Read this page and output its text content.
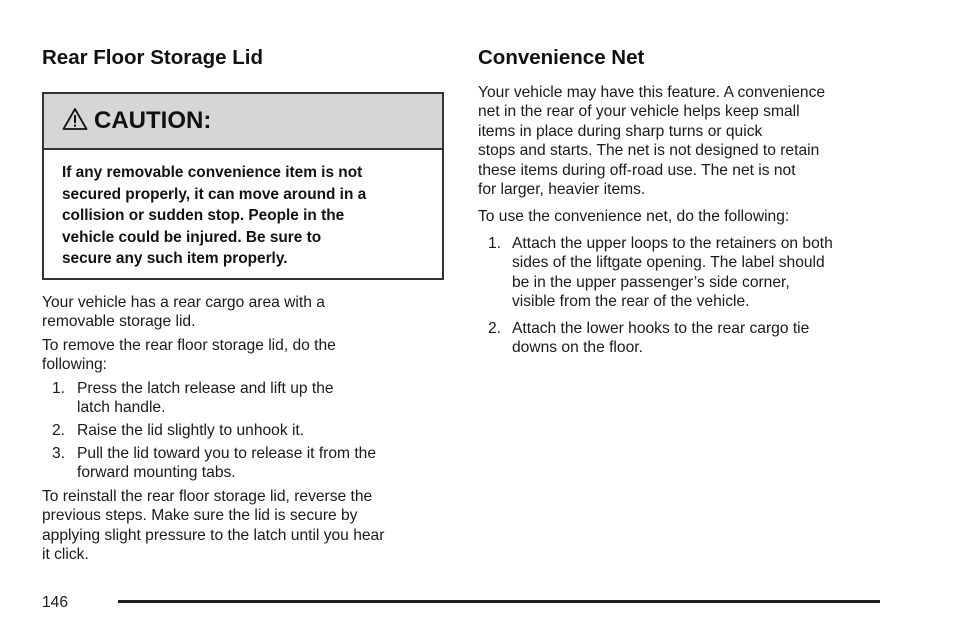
Rear Floor Storage Lid
CAUTION:
If any removable convenience item is not
secured properly, it can move around in a
collision or sudden stop. People in the
vehicle could be injured. Be sure to
secure any such item properly.

Your vehicle has a rear cargo area with a
removable storage lid.

To remove the rear floor storage lid, do the
following:

1. Press the latch release and lift up the
latch handle.
2. Raise the lid slightly to unhook it.
3. Pull the lid toward you to release it from the
forward mounting tabs.

To reinstall the rear floor storage lid, reverse the
previous steps. Make sure the lid is secure by
applying slight pressure to the latch until you hear
it click.

Convenience Net

Your vehicle may have this feature. A convenience
net in the rear of your vehicle helps keep small
items in place during sharp turns or quick
stops and starts. The net is not designed to retain
these items during off-road use. The net is not
for larger, heavier items.

To use the convenience net, do the following:

1. Attach the upper loops to the retainers on both
sides of the liftgate opening. The label should
be in the upper passenger’s side corner,
visible from the rear of the vehicle.
2. Attach the lower hooks to the rear cargo tie
downs on the floor.
146
